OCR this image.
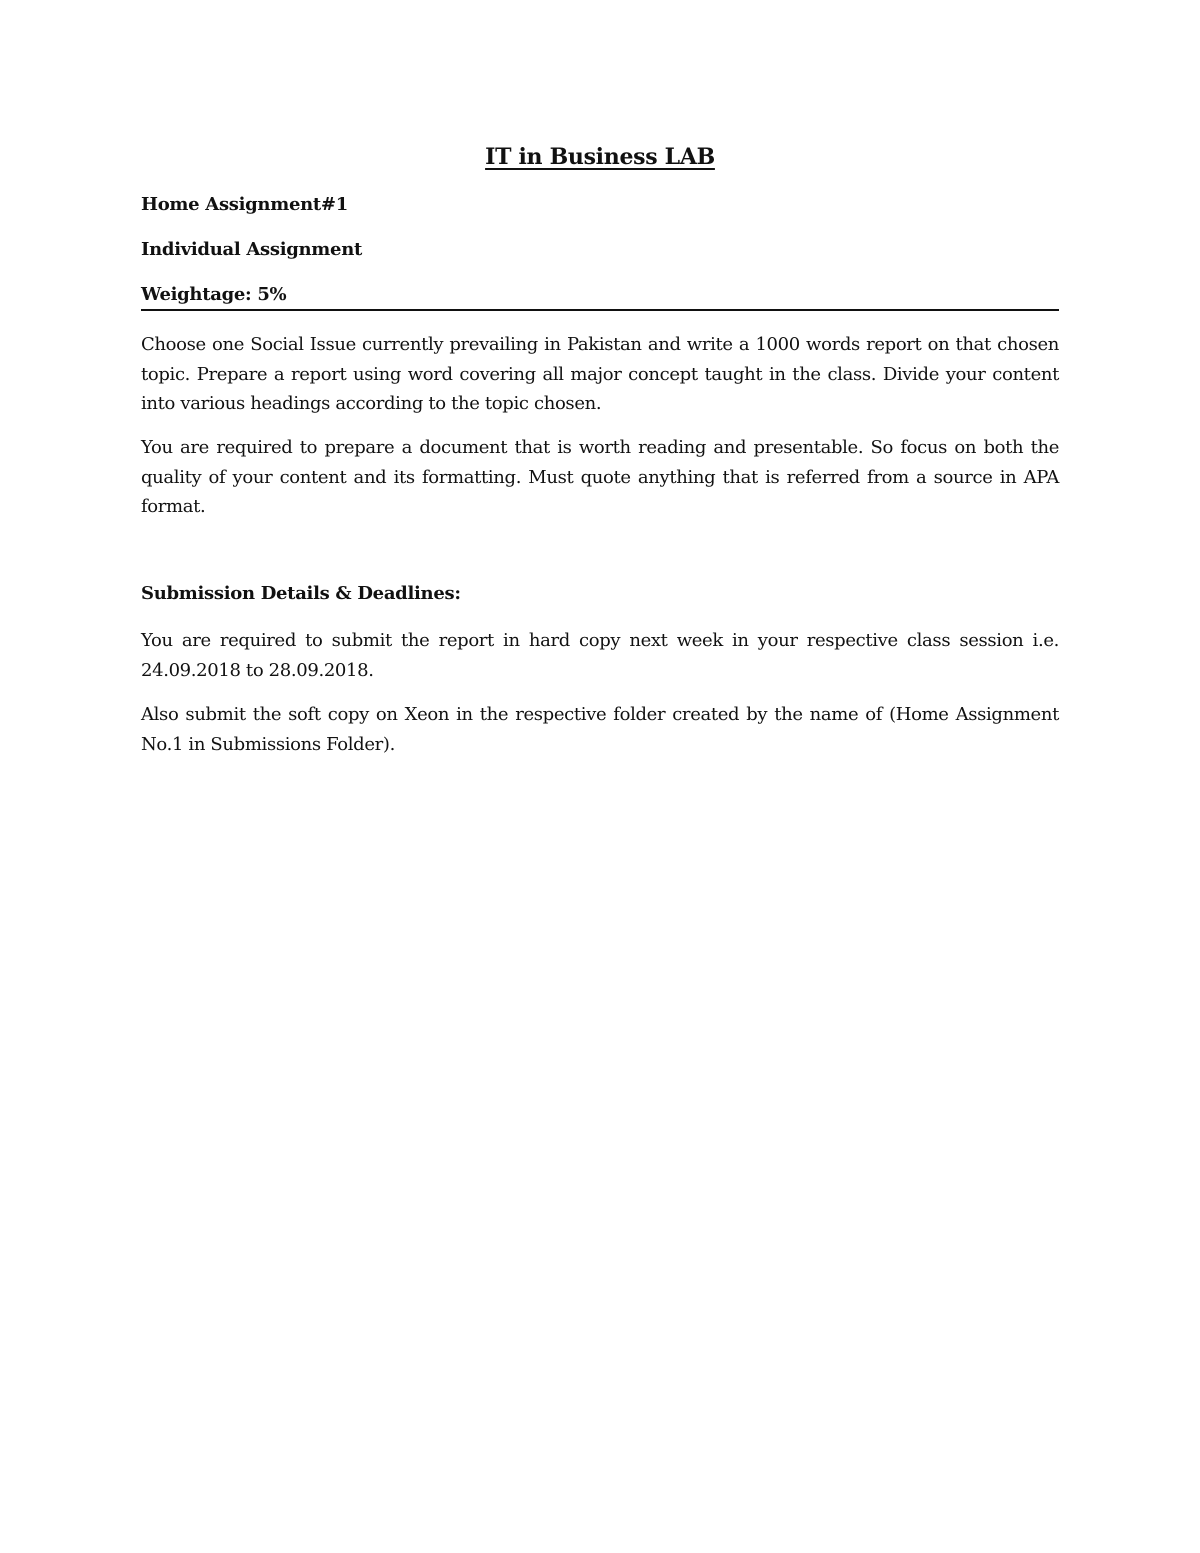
IT in Business LAB
Home Assignment#1
Individual Assignment
Weightage: 5%

Choose one Social Issue currently prevailing in Pakistan and write a 1000 words report on that chosen topic. Prepare a report using word covering all major concept taught in the class. Divide your content into various headings according to the topic chosen.

You are required to prepare a document that is worth reading and presentable. So focus on both the quality of your content and its formatting. Must quote anything that is referred from a source in APA format.

Submission Details & Deadlines:

You are required to submit the report in hard copy next week in your respective class session i.e. 24.09.2018 to 28.09.2018.

Also submit the soft copy on Xeon in the respective folder created by the name of (Home Assignment No.1 in Submissions Folder).
